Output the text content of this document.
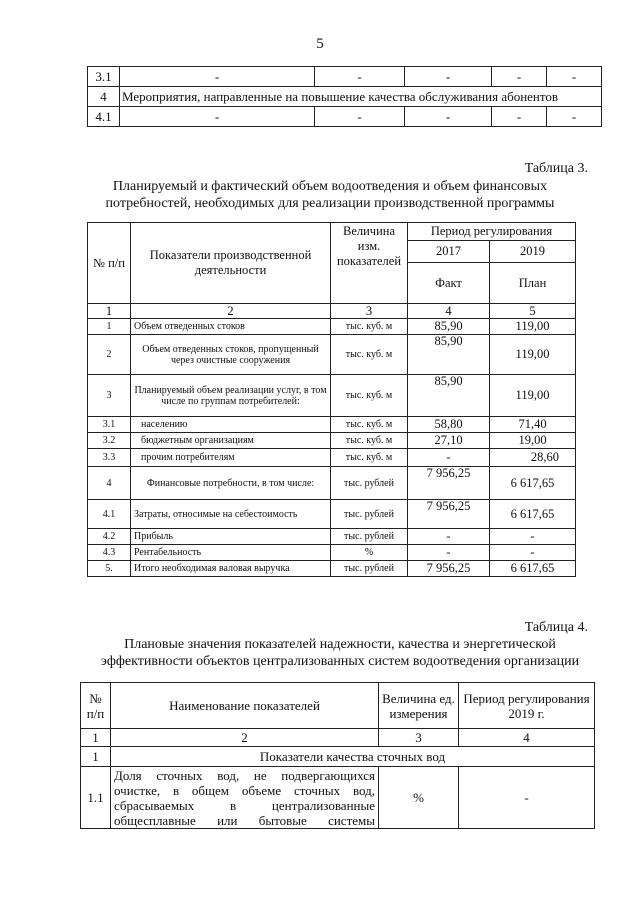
5
3.1	-	-	-	-	-
4	Мероприятия, направленные на повышение качества обслуживания абонентов				
4.1	-	-	-	-	-
Таблица 3.
Планируемый и фактический объем водоотведения и объем финансовых
потребностей, необходимых для реализации производственной программы
№ п/п	Показатели производственной деятельности	Величина изм. показателей	Период регулирования	
			2017	2019
			Факт	План
1	2	3	4	5
1	Объем отведенных стоков	тыс. куб. м	85,90	119,00
2	Объем отведенных стоков, пропущенный через очистные сооружения	тыс. куб. м	85,90	119,00
3	Планируемый объем реализации услуг, в том числе по группам потребителей:	тыс. куб. м	85,90	119,00
3.1	населению	тыс. куб. м	58,80	71,40
3.2	бюджетным организациям	тыс. куб. м	27,10	19,00
3.3	прочим потребителям	тыс. куб. м	-	28,60
4	Финансовые потребности, в том числе:	тыс. рублей	7 956,25	6 617,65
4.1	Затраты, относимые на себестоимость	тыс. рублей	7 956,25	6 617,65
4.2	Прибыль	тыс. рублей	-	-
4.3	Рентабельность	%	-	-
5.	Итого необходимая валовая выручка	тыс. рублей	7 956,25	6 617,65
Таблица 4.
Плановые значения показателей надежности, качества и энергетической
эффективности объектов централизованных систем водоотведения организации
№ п/п	Наименование показателей	Величина ед. измерения	Период регулирования 2019 г.
1	2	3	4
1	Показатели качества сточных вод		
1.1	Доля сточных вод, не подвергающихся очистке, в общем объеме сточных вод, сбрасываемых в централизованные общесплавные или бытовые системы	%	-
